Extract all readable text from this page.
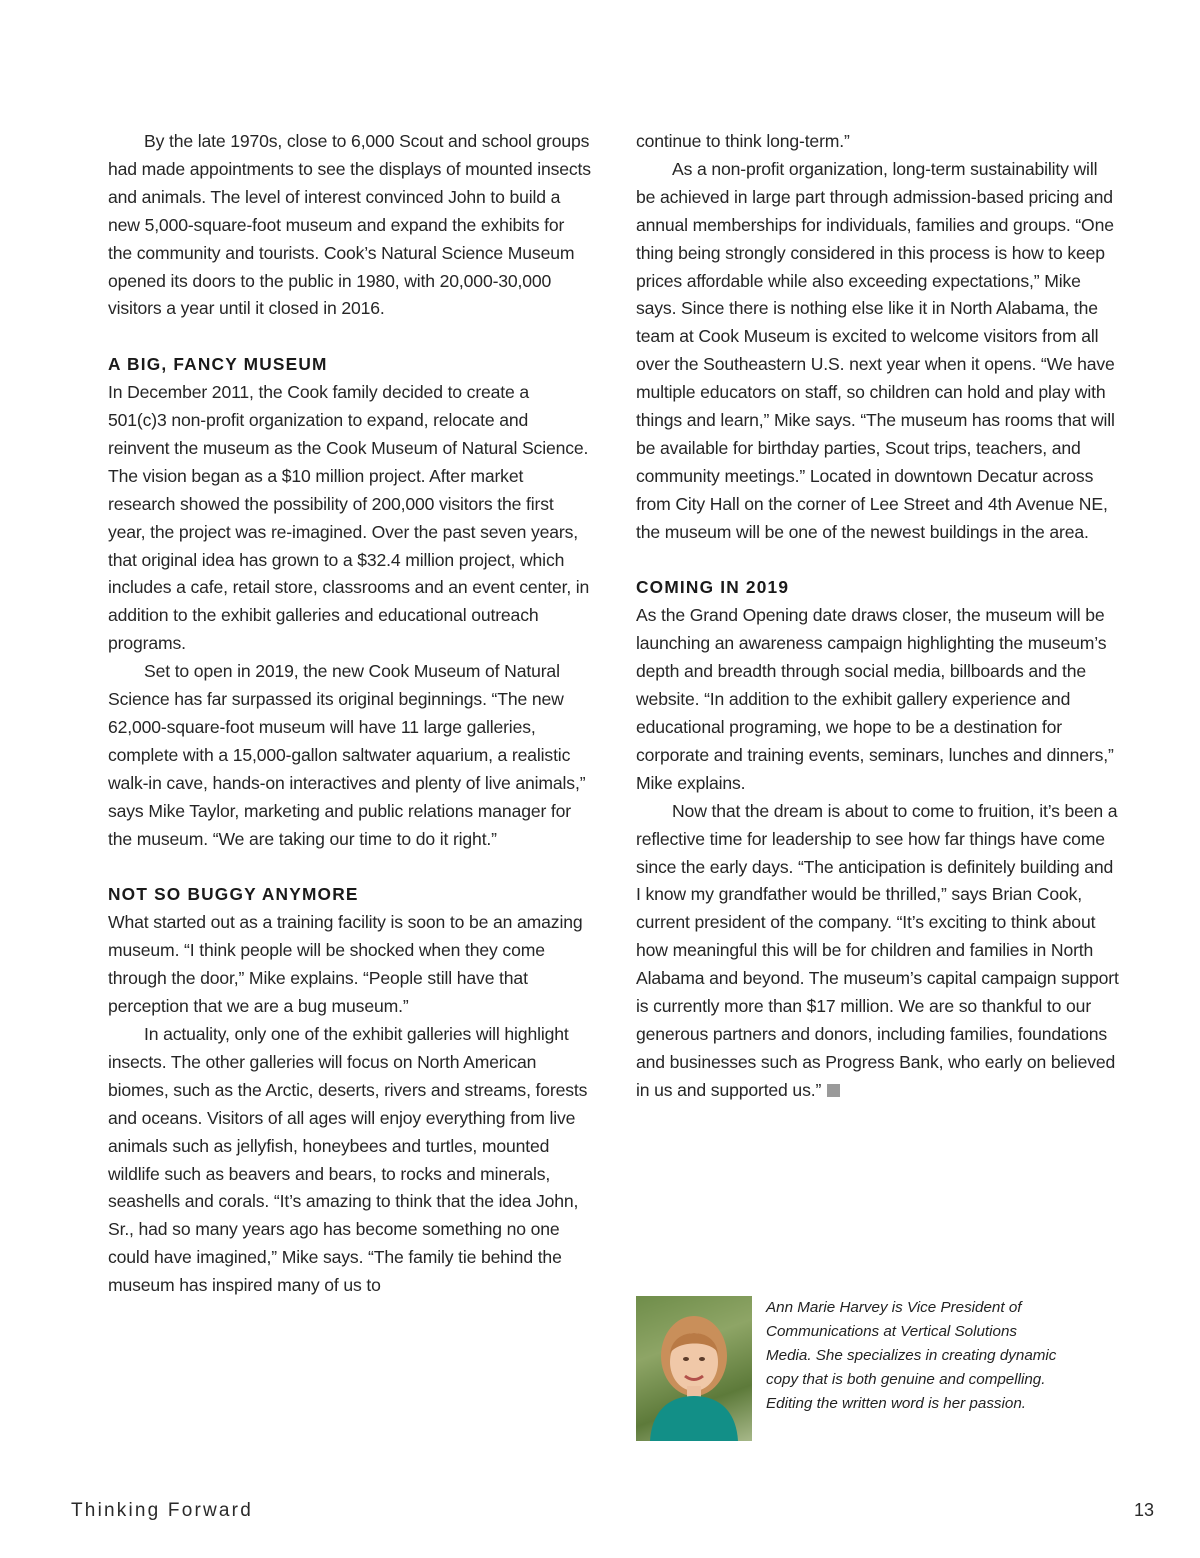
By the late 1970s, close to 6,000 Scout and school groups had made appointments to see the displays of mounted insects and animals. The level of interest convinced John to build a new 5,000-square-foot museum and expand the exhibits for the community and tourists. Cook’s Natural Science Museum opened its doors to the public in 1980, with 20,000-30,000 visitors a year until it closed in 2016.

A BIG, FANCY MUSEUM

In December 2011, the Cook family decided to create a 501(c)3 non-profit organization to expand, relocate and reinvent the museum as the Cook Museum of Natural Science. The vision began as a $10 million project. After market research showed the possibility of 200,000 visitors the first year, the project was re-imagined. Over the past seven years, that original idea has grown to a $32.4 million project, which includes a cafe, retail store, classrooms and an event center, in addition to the exhibit galleries and educational outreach programs.

Set to open in 2019, the new Cook Museum of Natural Science has far surpassed its original beginnings. “The new 62,000-square-foot museum will have 11 large galleries, complete with a 15,000-gallon saltwater aquarium, a realistic walk-in cave, hands-on interactives and plenty of live animals,” says Mike Taylor, marketing and public relations manager for the museum. “We are taking our time to do it right.”

NOT SO BUGGY ANYMORE

What started out as a training facility is soon to be an amazing museum. “I think people will be shocked when they come through the door,” Mike explains. “People still have that perception that we are a bug museum.”

In actuality, only one of the exhibit galleries will highlight insects. The other galleries will focus on North American biomes, such as the Arctic, deserts, rivers and streams, forests and oceans. Visitors of all ages will enjoy everything from live animals such as jellyfish, honeybees and turtles, mounted wildlife such as beavers and bears, to rocks and minerals, seashells and corals. “It’s amazing to think that the idea John, Sr., had so many years ago has become something no one could have imagined,” Mike says. “The family tie behind the museum has inspired many of us to

continue to think long-term.”

As a non-profit organization, long-term sustainability will be achieved in large part through admission-based pricing and annual memberships for individuals, families and groups. “One thing being strongly considered in this process is how to keep prices affordable while also exceeding expectations,” Mike says. Since there is nothing else like it in North Alabama, the team at Cook Museum is excited to welcome visitors from all over the Southeastern U.S. next year when it opens. “We have multiple educators on staff, so children can hold and play with things and learn,” Mike says. “The museum has rooms that will be available for birthday parties, Scout trips, teachers, and community meetings.” Located in downtown Decatur across from City Hall on the corner of Lee Street and 4th Avenue NE, the museum will be one of the newest buildings in the area.

COMING IN 2019

As the Grand Opening date draws closer, the museum will be launching an awareness campaign highlighting the museum’s depth and breadth through social media, billboards and the website. “In addition to the exhibit gallery experience and educational programing, we hope to be a destination for corporate and training events, seminars, lunches and dinners,” Mike explains.

Now that the dream is about to come to fruition, it’s been a reflective time for leadership to see how far things have come since the early days. “The anticipation is definitely building and I know my grandfather would be thrilled,” says Brian Cook, current president of the company. “It’s exciting to think about how meaningful this will be for children and families in North Alabama and beyond. The museum’s capital campaign support is currently more than $17 million. We are so thankful to our generous partners and donors, including families, foundations and businesses such as Progress Bank, who early on believed in us and supported us.”

Ann Marie Harvey is Vice President of Communications at Vertical Solutions Media. She specializes in creating dynamic copy that is both genuine and compelling. Editing the written word is her passion.
Thinking Forward	13
